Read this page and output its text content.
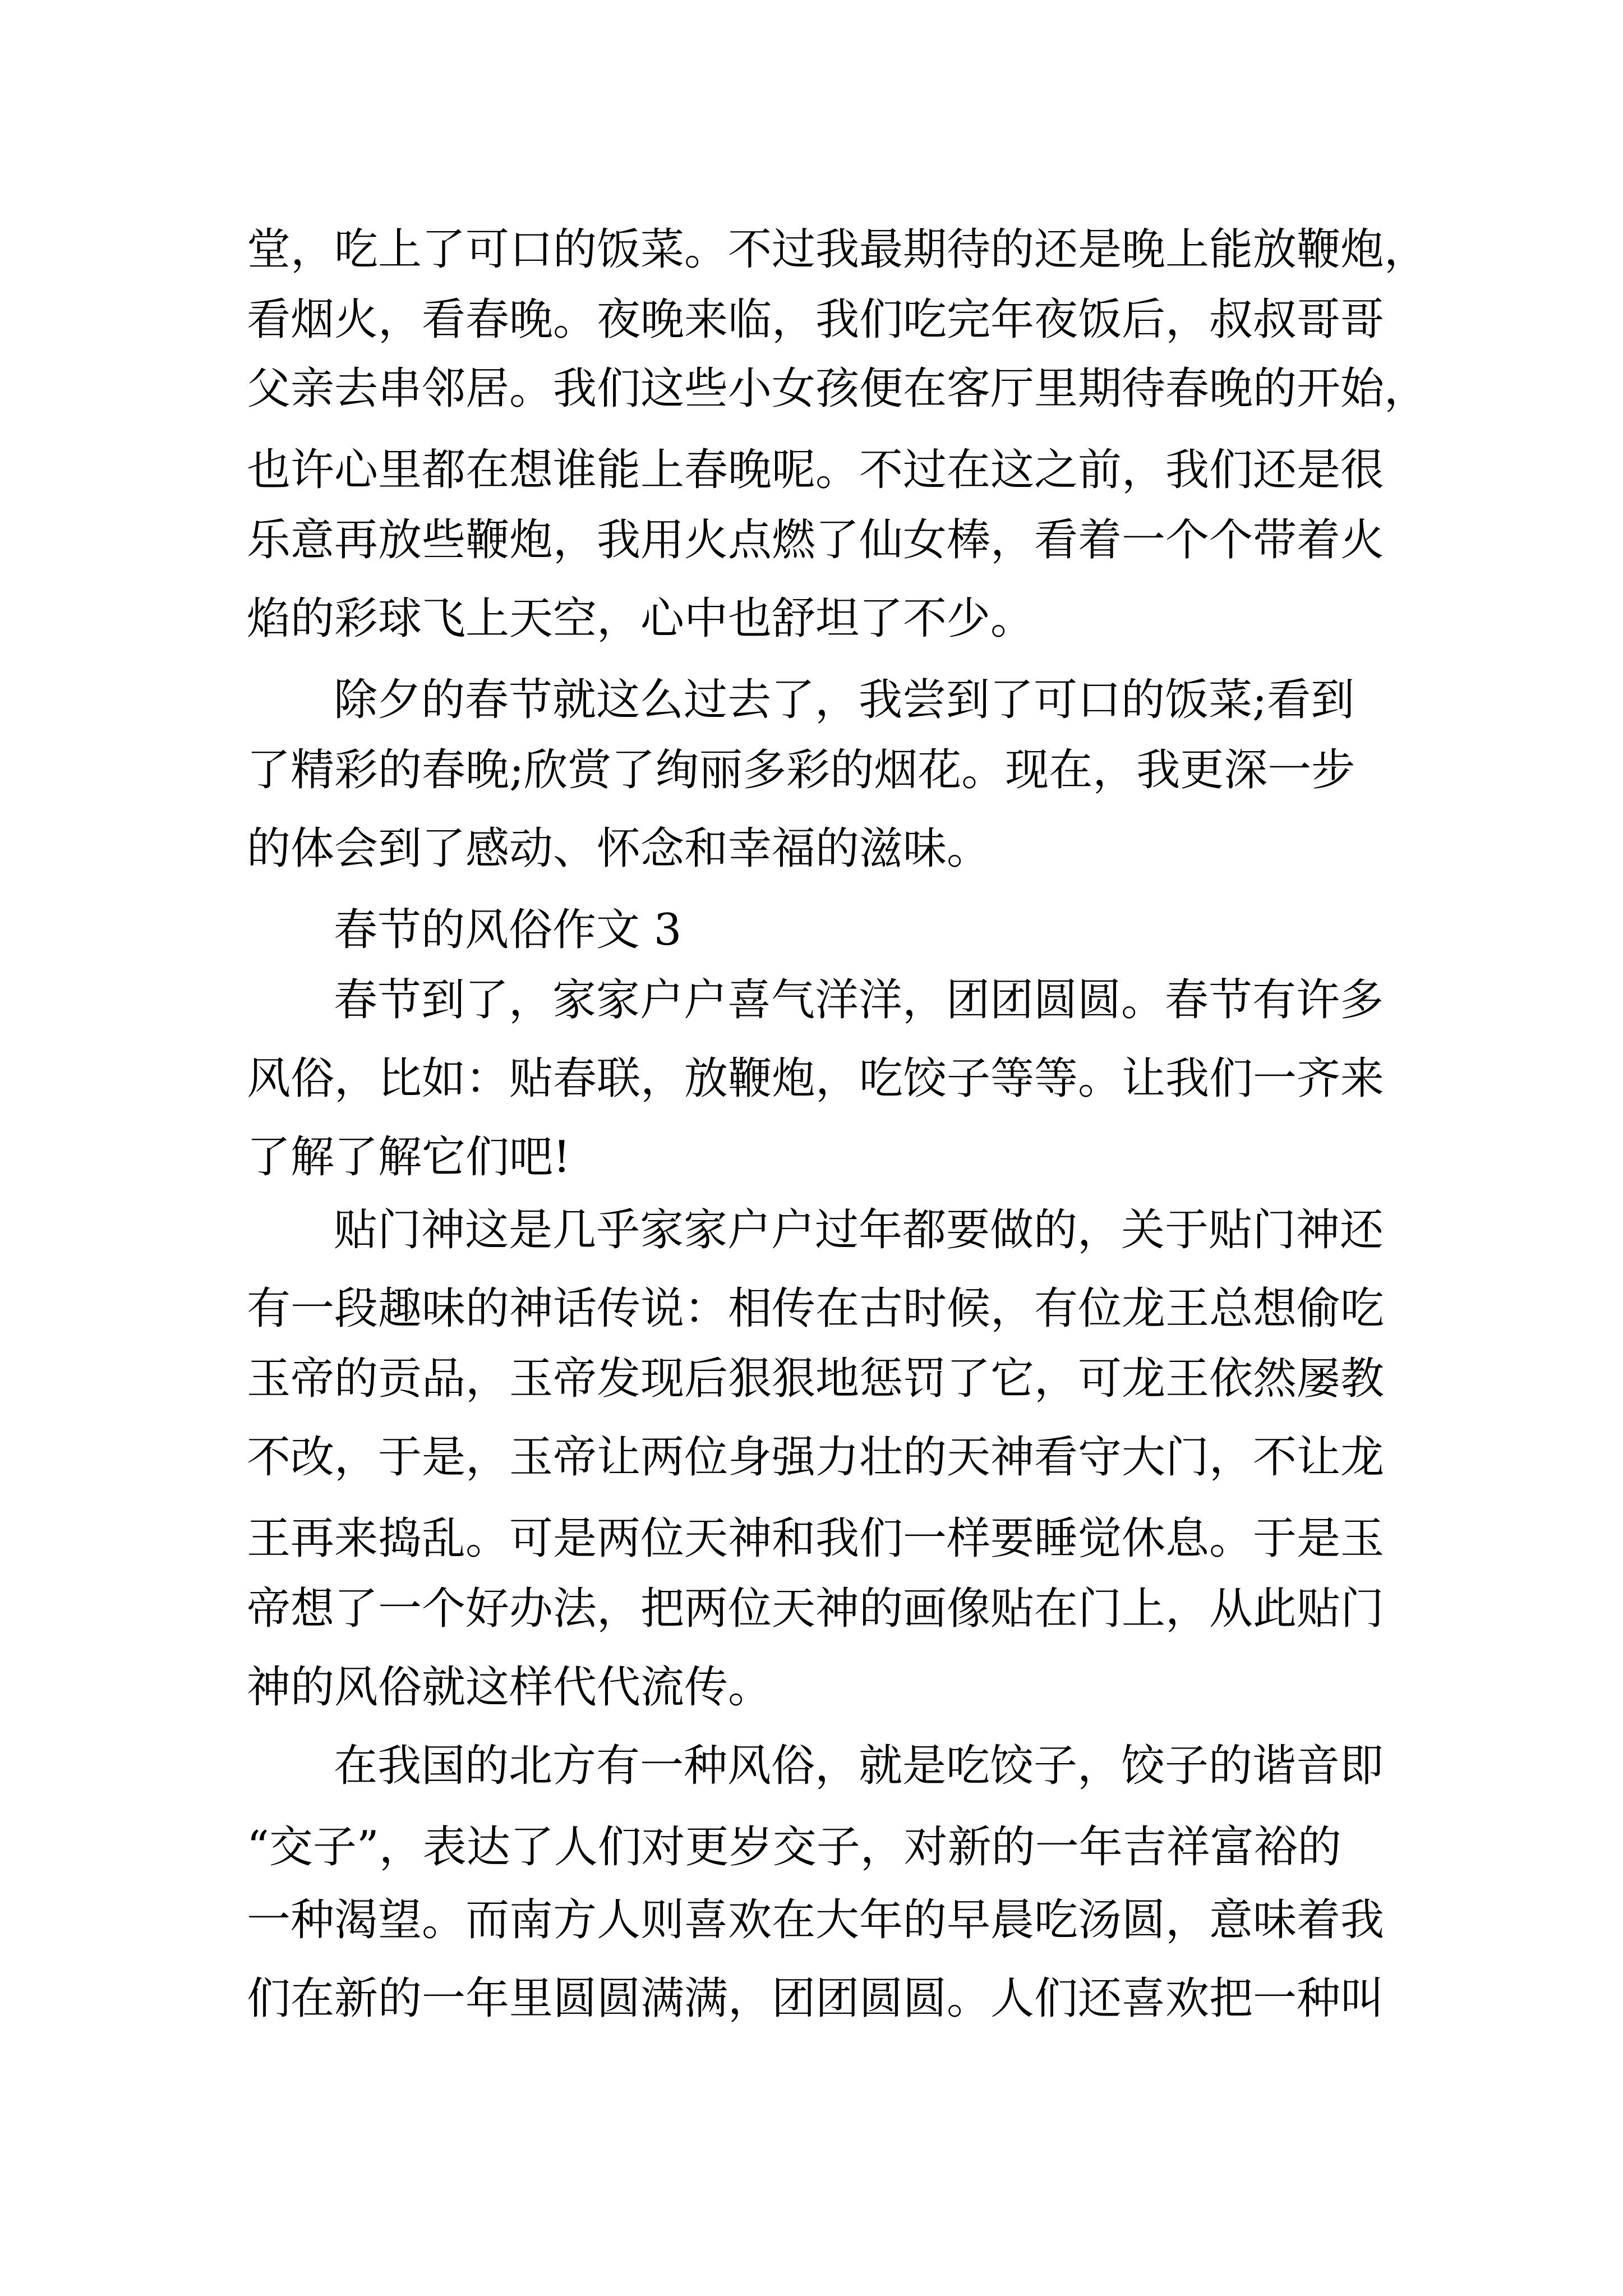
堂，吃上了可口的饭菜。不过我最期待的还是晚上能放鞭炮，

看烟火，看春晚。夜晚来临，我们吃完年夜饭后，叔叔哥哥

父亲去串邻居。我们这些小女孩便在客厅里期待春晚的开始，

也许心里都在想谁能上春晚呢。不过在这之前，我们还是很

乐意再放些鞭炮，我用火点燃了仙女棒，看着一个个带着火

焰的彩球飞上天空，心中也舒坦了不少。

除夕的春节就这么过去了，我尝到了可口的饭菜;看到

了精彩的春晚;欣赏了绚丽多彩的烟花。现在，我更深一步

的体会到了感动、怀念和幸福的滋味。

春节的风俗作文 3

春节到了，家家户户喜气洋洋，团团圆圆。春节有许多

风俗，比如：贴春联，放鞭炮，吃饺子等等。让我们一齐来

了解了解它们吧!

贴门神这是几乎家家户户过年都要做的，关于贴门神还

有一段趣味的神话传说：相传在古时候，有位龙王总想偷吃

玉帝的贡品，玉帝发现后狠狠地惩罚了它，可龙王依然屡教

不改，于是，玉帝让两位身强力壮的天神看守大门，不让龙

王再来捣乱。可是两位天神和我们一样要睡觉休息。于是玉

帝想了一个好办法，把两位天神的画像贴在门上，从此贴门

神的风俗就这样代代流传。

在我国的北方有一种风俗，就是吃饺子，饺子的谐音即

“交子”，表达了人们对更岁交子，对新的一年吉祥富裕的

一种渴望。而南方人则喜欢在大年的早晨吃汤圆，意味着我

们在新的一年里圆圆满满，团团圆圆。人们还喜欢把一种叫
